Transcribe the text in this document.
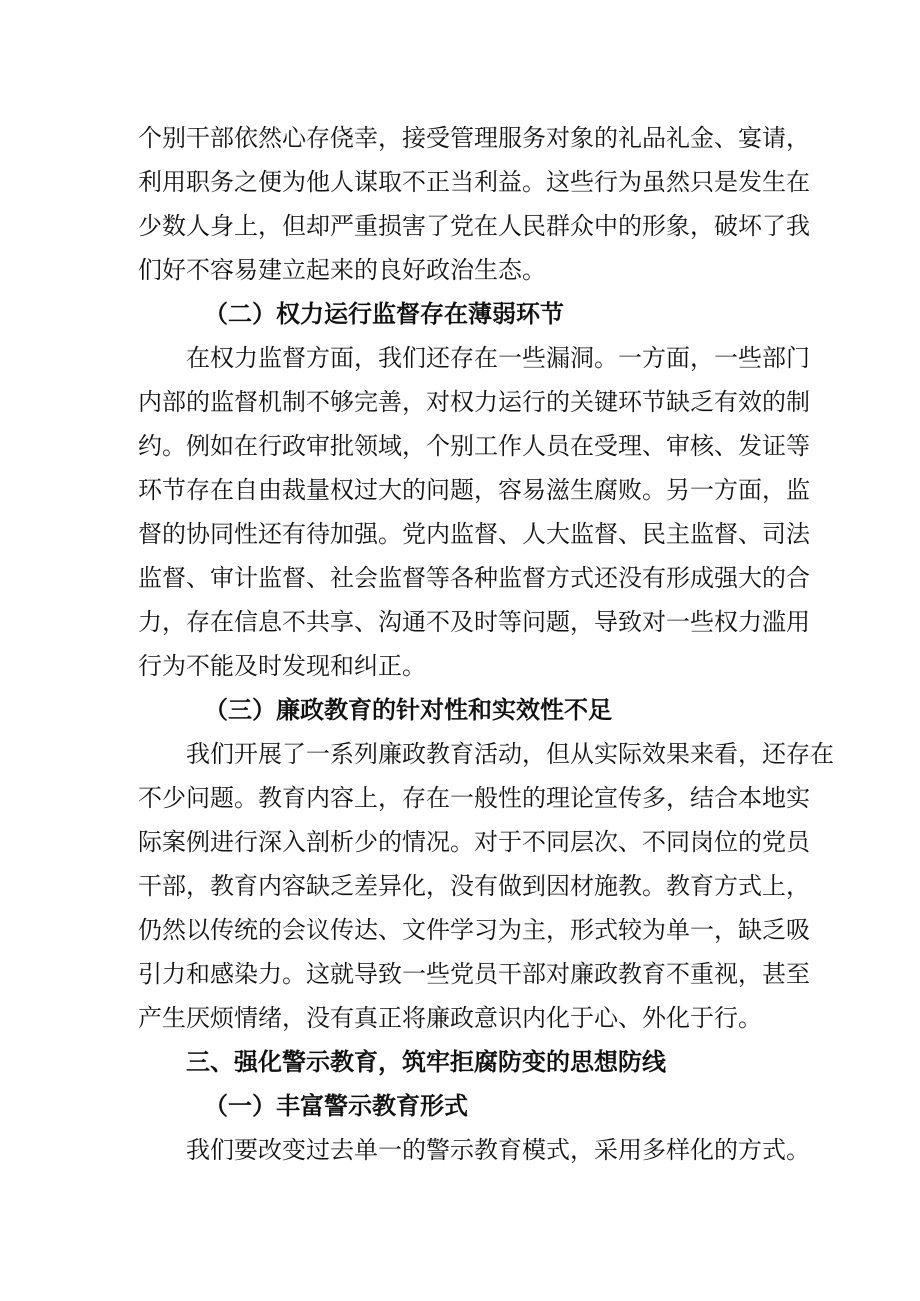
个别干部依然心存侥幸，接受管理服务对象的礼品礼金、宴请，
利用职务之便为他人谋取不正当利益。这些行为虽然只是发生在
少数人身上，但却严重损害了党在人民群众中的形象，破坏了我
们好不容易建立起来的良好政治生态。
（二）权力运行监督存在薄弱环节
在权力监督方面，我们还存在一些漏洞。一方面，一些部门
内部的监督机制不够完善，对权力运行的关键环节缺乏有效的制
约。例如在行政审批领域，个别工作人员在受理、审核、发证等
环节存在自由裁量权过大的问题，容易滋生腐败。另一方面，监
督的协同性还有待加强。党内监督、人大监督、民主监督、司法
监督、审计监督、社会监督等各种监督方式还没有形成强大的合
力，存在信息不共享、沟通不及时等问题，导致对一些权力滥用
行为不能及时发现和纠正。
（三）廉政教育的针对性和实效性不足
我们开展了一系列廉政教育活动，但从实际效果来看，还存在
不少问题。教育内容上，存在一般性的理论宣传多，结合本地实
际案例进行深入剖析少的情况。对于不同层次、不同岗位的党员
干部，教育内容缺乏差异化，没有做到因材施教。教育方式上，
仍然以传统的会议传达、文件学习为主，形式较为单一，缺乏吸
引力和感染力。这就导致一些党员干部对廉政教育不重视，甚至
产生厌烦情绪，没有真正将廉政意识内化于心、外化于行。
三、强化警示教育，筑牢拒腐防变的思想防线
（一）丰富警示教育形式
我们要改变过去单一的警示教育模式，采用多样化的方式。
